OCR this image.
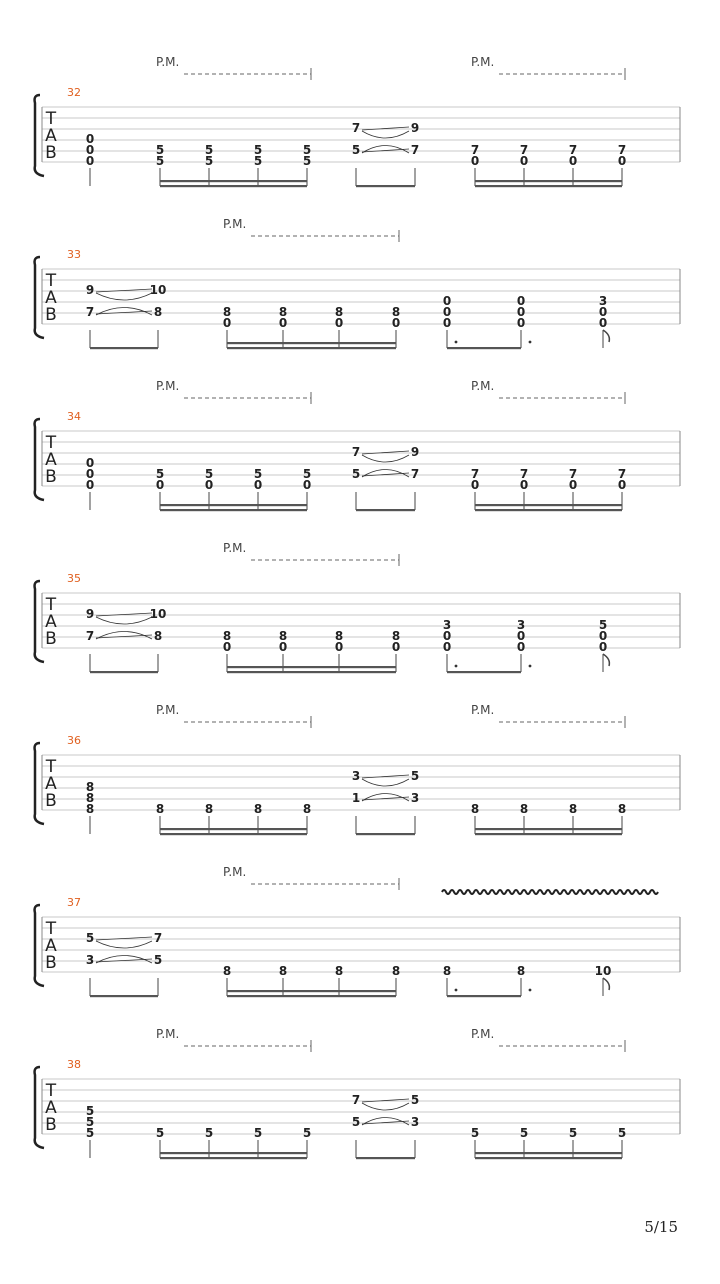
T
A
B
32
P.M.	P.M.
0
0
0
5
5
5
5
5
5
5
5
7	9
5	7	7
0
7
0
7
0
7
0
T
A
B
33
P.M.
9	10
7	8	8
0
8
0
8
0
8
0
0
0
0
0
0
0
3
0
0
T
A
B
34
P.M.	P.M.
0
0
0
5
0
5
0
5
0
5
0
7	9
5	7	7
0
7
0
7
0
7
0
T
A
B
35
P.M.
9	10
7	8	8
0
8
0
8
0
8
0
3
0
0
3
0
0
5
0
0
T
A
B
36
P.M.	P.M.
8
8
8	8	8	8	8
3	5
1	3
8	8	8	8
T
A
B
37
P.M.
5	7
3	5
8	8	8	8	8	8	10
T
A
B
38
P.M.	P.M.
5
5
5	5	5	5	5
7	5
5	3
5	5	5	5
5/15
